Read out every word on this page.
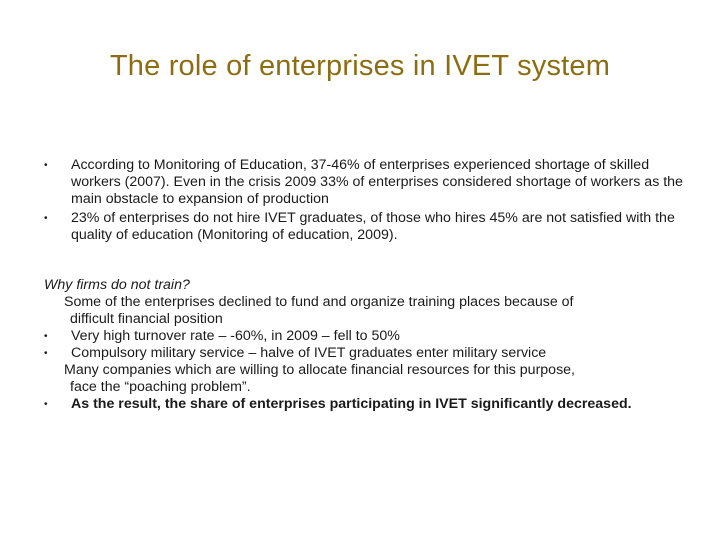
The role of enterprises in IVET system
• According to Monitoring of Education, 37-46% of enterprises experienced shortage of skilled workers (2007). Even in the crisis 2009 33% of enterprises considered shortage of workers as the main obstacle to expansion of production
• 23% of enterprises do not hire IVET graduates, of those who hires 45% are not satisfied with the quality of education (Monitoring of education, 2009).
Why firms do not train?
Some of the enterprises declined to fund and organize training places because of
difficult financial position
• Very high turnover rate – -60%, in 2009 – fell to 50%
• Compulsory military service – halve of IVET graduates enter military service
Many companies which are willing to allocate financial resources for this purpose,
face the “poaching problem”.
• As the result, the share of enterprises participating in IVET significantly decreased.
